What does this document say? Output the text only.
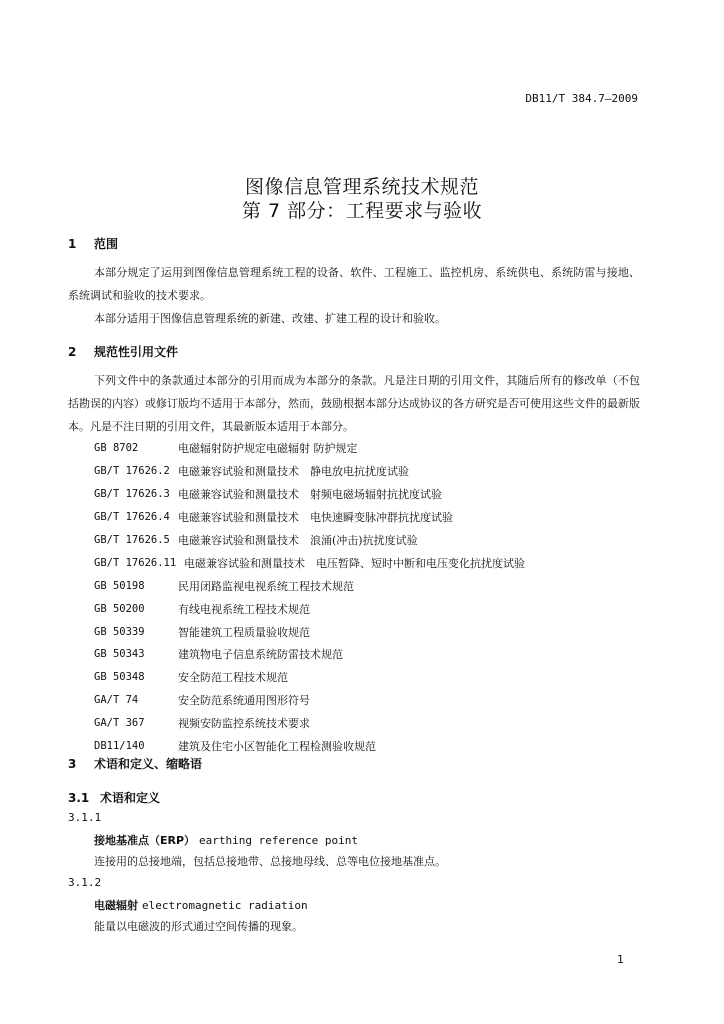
DB11/T 384.7—2009
图像信息管理系统技术规范
第 7 部分：工程要求与验收
1 范围
本部分规定了运用到图像信息管理系统工程的设备、软件、工程施工、监控机房、系统供电、系统防雷与接地、系统调试和验收的技术要求。
本部分适用于图像信息管理系统的新建、改建、扩建工程的设计和验收。
2 规范性引用文件
下列文件中的条款通过本部分的引用而成为本部分的条款。凡是注日期的引用文件，其随后所有的修改单（不包括勘误的内容）或修订版均不适用于本部分，然而，鼓励根据本部分达成协议的各方研究是否可使用这些文件的最新版本。凡是不注日期的引用文件，其最新版本适用于本部分。
GB 8702	电磁辐射防护规定电磁辐射 防护规定
GB/T 17626.2 电磁兼容试验和测量技术　静电放电抗扰度试验
GB/T 17626.3 电磁兼容试验和测量技术　射频电磁场辐射抗扰度试验
GB/T 17626.4 电磁兼容试验和测量技术　电快速瞬变脉冲群抗扰度试验
GB/T 17626.5 电磁兼容试验和测量技术　浪涌(冲击)抗扰度试验
GB/T 17626.11 电磁兼容试验和测量技术　电压暂降、短时中断和电压变化抗扰度试验
GB 50198	民用闭路监视电视系统工程技术规范
GB 50200	有线电视系统工程技术规范
GB 50339	智能建筑工程质量验收规范
GB 50343	建筑物电子信息系统防雷技术规范
GB 50348	安全防范工程技术规范
GA/T 74	安全防范系统通用图形符号
GA/T 367	视频安防监控系统技术要求
DB11/140	建筑及住宅小区智能化工程检测验收规范
3 术语和定义、缩略语
3.1 术语和定义
3.1.1
接地基准点（ERP） earthing reference point
连接用的总接地端，包括总接地带、总接地母线、总等电位接地基准点。
3.1.2
电磁辐射 electromagnetic radiation
能量以电磁波的形式通过空间传播的现象。
1
